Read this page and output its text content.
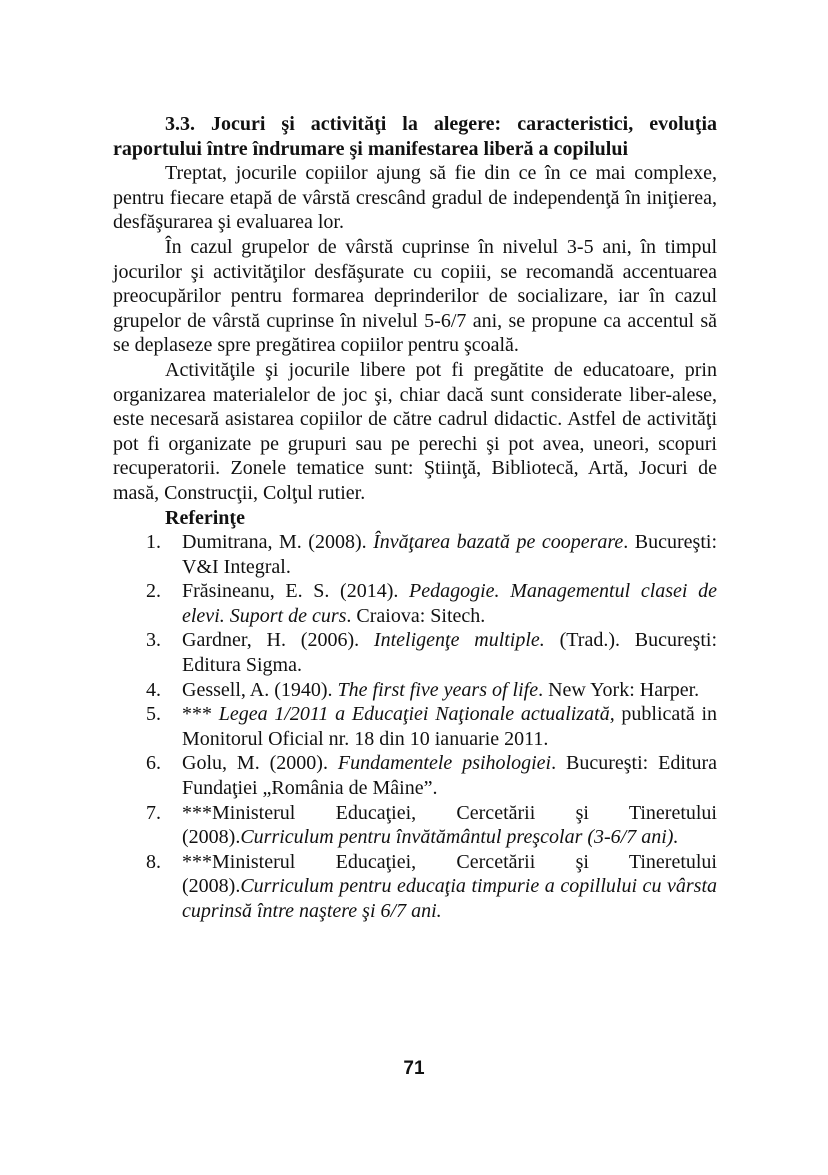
3.3. Jocuri şi activităţi la alegere: caracteristici, evoluţia raportului între îndrumare şi manifestarea liberă a copilului

Treptat, jocurile copiilor ajung să fie din ce în ce mai complexe, pentru fiecare etapă de vârstă crescând gradul de independenţă în iniţierea, desfăşurarea şi evaluarea lor.

În cazul grupelor de vârstă cuprinse în nivelul 3-5 ani, în timpul jocurilor şi activităţilor desfăşurate cu copiii, se recomandă accentuarea preocupărilor pentru formarea deprinderilor de socializare, iar în cazul grupelor de vârstă cuprinse în nivelul 5-6/7 ani, se propune ca accentul să se deplaseze spre pregătirea copiilor pentru şcoală.

Activităţile şi jocurile libere pot fi pregătite de educatoare, prin organizarea materialelor de joc şi, chiar dacă sunt considerate liber-alese, este necesară asistarea copiilor de către cadrul didactic. Astfel de activităţi pot fi organizate pe grupuri sau pe perechi şi pot avea, uneori, scopuri recuperatorii. Zonele tematice sunt: Ştiinţă, Bibliotecă, Artă, Jocuri de masă, Construcţii, Colţul rutier.

Referinţe

1. Dumitrana, M. (2008). Învăţarea bazată pe cooperare. Bucureşti: V&I Integral.
2. Frăsineanu, E. S. (2014). Pedagogie. Managementul clasei de elevi. Suport de curs. Craiova: Sitech.
3. Gardner, H. (2006). Inteligenţe multiple. (Trad.). Bucureşti: Editura Sigma.
4. Gessell, A. (1940). The first five years of life. New York: Harper.
5. *** Legea 1/2011 a Educaţiei Naţionale actualizată, publicată in Monitorul Oficial nr. 18 din 10 ianuarie 2011.
6. Golu, M. (2000). Fundamentele psihologiei. Bucureşti: Editura Fundaţiei „România de Mâine”.
7. ***Ministerul Educaţiei, Cercetării şi Tineretului (2008).Curriculum pentru învătământul preşcolar (3-6/7 ani).
8. ***Ministerul Educaţiei, Cercetării şi Tineretului (2008).Curriculum pentru educaţia timpurie a copillului cu vârsta cuprinsă între naştere şi 6/7 ani.
71
